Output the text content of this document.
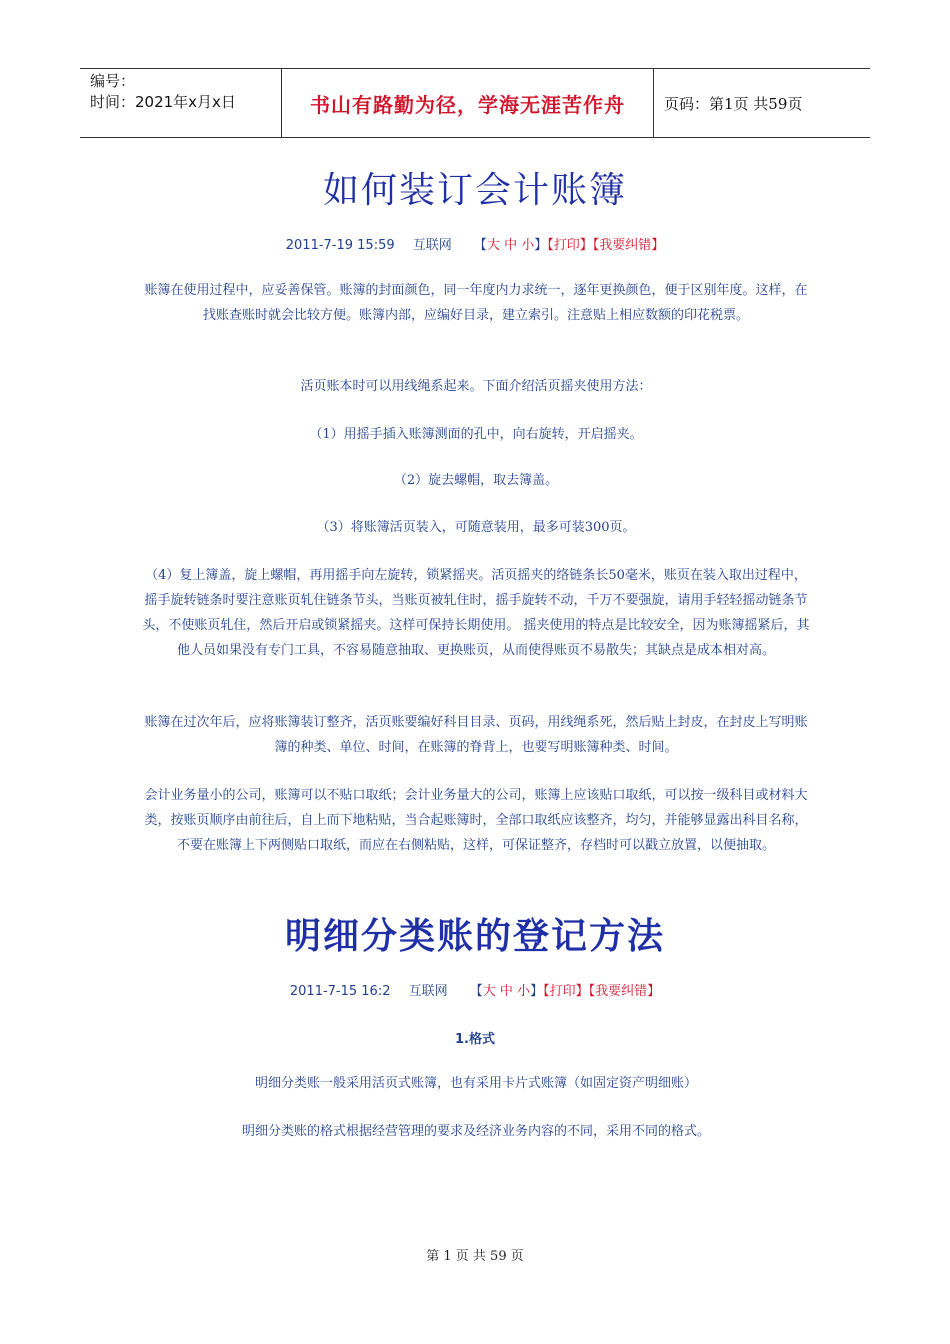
编号：
时间：2021年x月x日	书山有路勤为径，学海无涯苦作舟	页码：第1页 共59页
如何装订会计账簿
2011-7-19 15:59 互联网 【大 中 小】【打印】【我要纠错】
账簿在使用过程中，应妥善保管。账簿的封面颜色，同一年度内力求统一，逐年更换颜色，便于区别年度。这样，在找账查账时就会比较方便。账簿内部，应编好目录，建立索引。注意贴上相应数额的印花税票。
活页账本时可以用线绳系起来。下面介绍活页摇夹使用方法：
（1）用摇手插入账簿测面的孔中，向右旋转，开启摇夹。
（2）旋去螺帽，取去簿盖。
（3）将账簿活页装入，可随意装用，最多可装300页。
（4）复上簿盖，旋上螺帽，再用摇手向左旋转，锁紧摇夹。活页摇夹的络链条长50毫米，账页在装入取出过程中，摇手旋转链条时要注意账页轧住链条节头，当账页被轧住时，摇手旋转不动，千万不要强旋，请用手轻轻摇动链条节头，不使账页轧住，然后开启或锁紧摇夹。这样可保持长期使用。 摇夹使用的特点是比较安全，因为账簿摇紧后，其他人员如果没有专门工具，不容易随意抽取、更换账页，从而使得账页不易散失；其缺点是成本相对高。
账簿在过次年后，应将账簿装订整齐，活页账要编好科目目录、页码，用线绳系死，然后贴上封皮，在封皮上写明账簿的种类、单位、时间，在账簿的脊背上，也要写明账簿种类、时间。
会计业务量小的公司，账簿可以不贴口取纸；会计业务量大的公司，账簿上应该贴口取纸，可以按一级科目或材料大类，按账页顺序由前往后，自上而下地粘贴，当合起账簿时，全部口取纸应该整齐，均匀，并能够显露出科目名称，不要在账簿上下两侧贴口取纸，而应在右侧粘贴，这样，可保证整齐，存档时可以戳立放置，以便抽取。
明细分类账的登记方法
2011-7-15 16:2 互联网 【大 中 小】【打印】【我要纠错】
1.格式
明细分类账一般采用活页式账簿，也有采用卡片式账簿（如固定资产明细账）
明细分类账的格式根据经营管理的要求及经济业务内容的不同，采用不同的格式。
第 1 页 共 59 页
